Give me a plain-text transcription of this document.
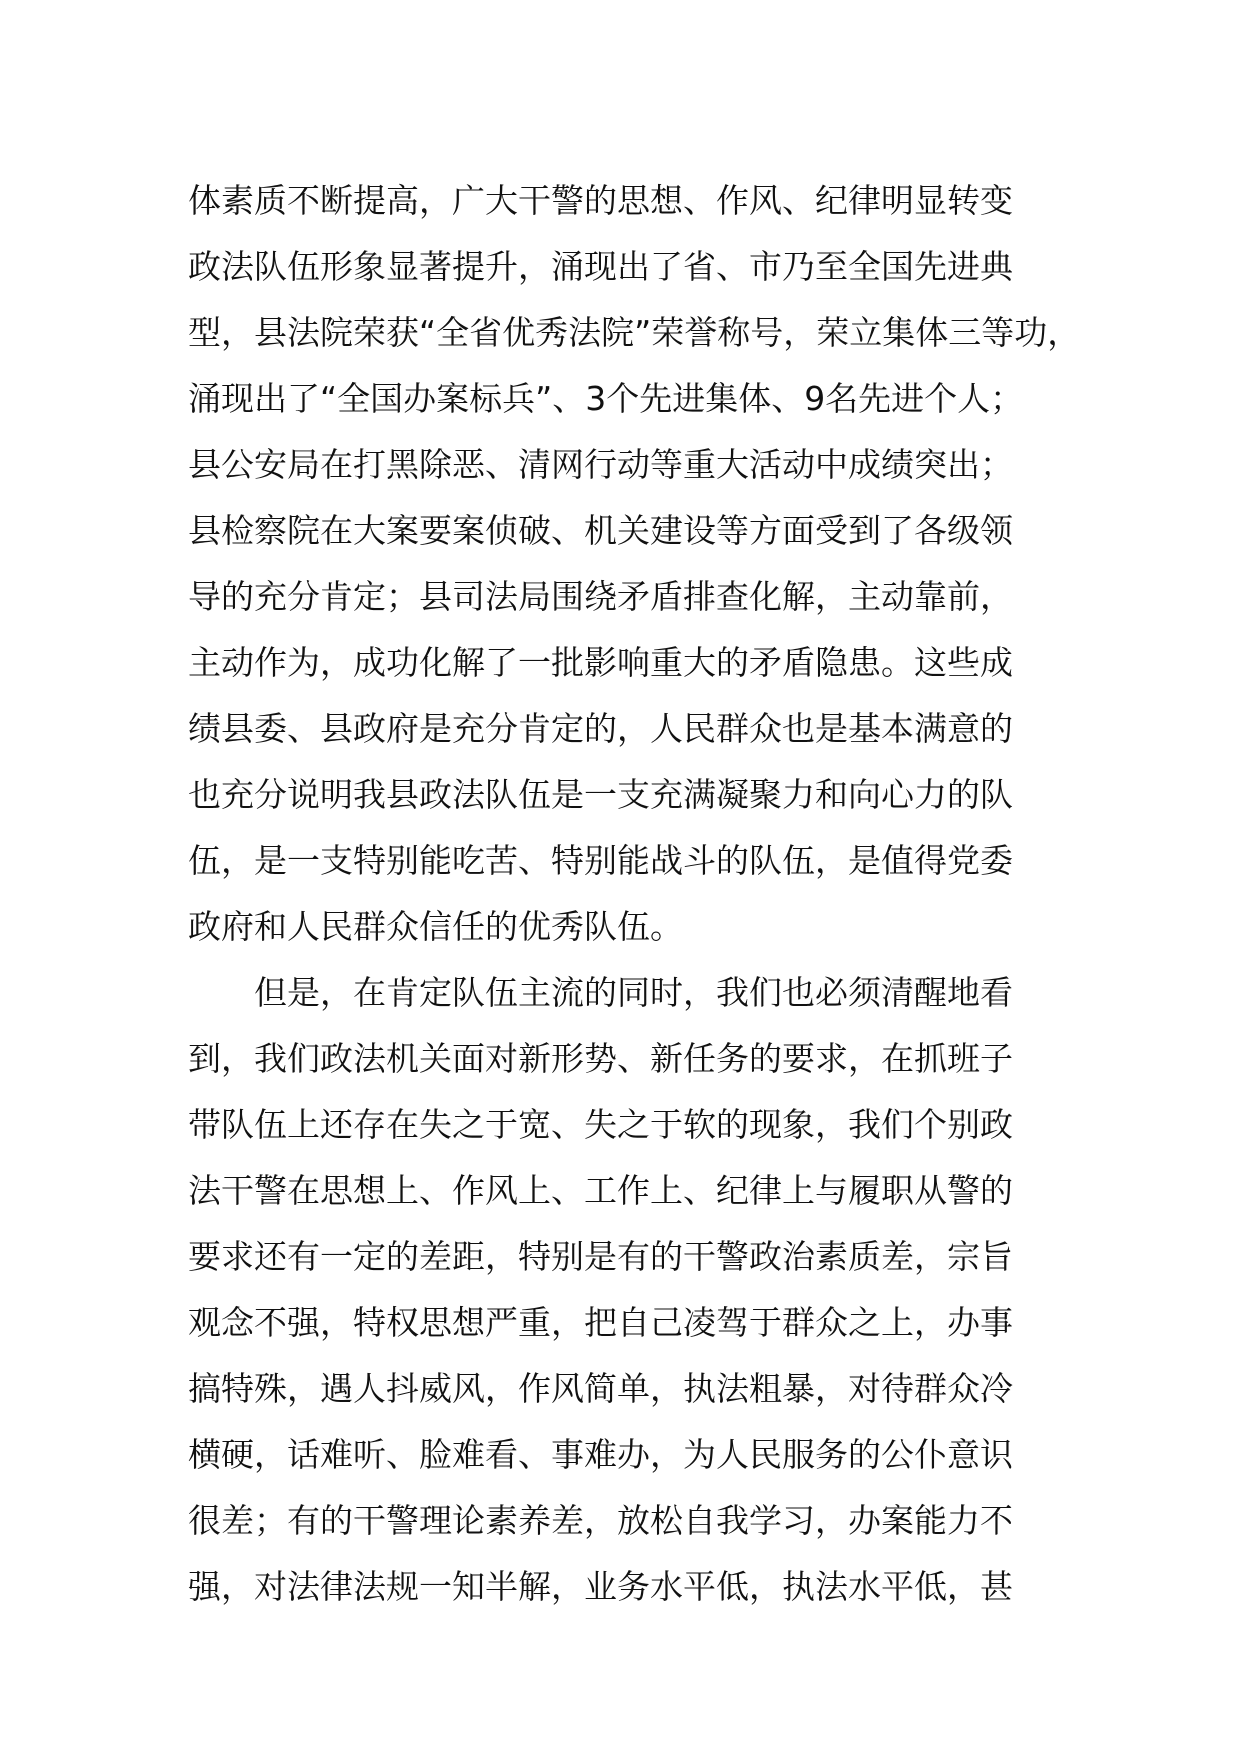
体素质不断提高，广大干警的思想、作风、纪律明显转变
政法队伍形象显著提升，涌现出了省、市乃至全国先进典
型，县法院荣获“全省优秀法院”荣誉称号，荣立集体三等功，
涌现出了“全国办案标兵”、3个先进集体、9名先进个人；
县公安局在打黑除恶、清网行动等重大活动中成绩突出；
县检察院在大案要案侦破、机关建设等方面受到了各级领
导的充分肯定；县司法局围绕矛盾排查化解，主动靠前，
主动作为，成功化解了一批影响重大的矛盾隐患。这些成
绩县委、县政府是充分肯定的，人民群众也是基本满意的
也充分说明我县政法队伍是一支充满凝聚力和向心力的队
伍，是一支特别能吃苦、特别能战斗的队伍，是值得党委
政府和人民群众信任的优秀队伍。
但是，在肯定队伍主流的同时，我们也必须清醒地看
到，我们政法机关面对新形势、新任务的要求，在抓班子
带队伍上还存在失之于宽、失之于软的现象，我们个别政
法干警在思想上、作风上、工作上、纪律上与履职从警的
要求还有一定的差距，特别是有的干警政治素质差，宗旨
观念不强，特权思想严重，把自己凌驾于群众之上，办事
搞特殊，遇人抖威风，作风简单，执法粗暴，对待群众冷
横硬，话难听、脸难看、事难办，为人民服务的公仆意识
很差；有的干警理论素养差，放松自我学习，办案能力不
强，对法律法规一知半解，业务水平低，执法水平低，甚
